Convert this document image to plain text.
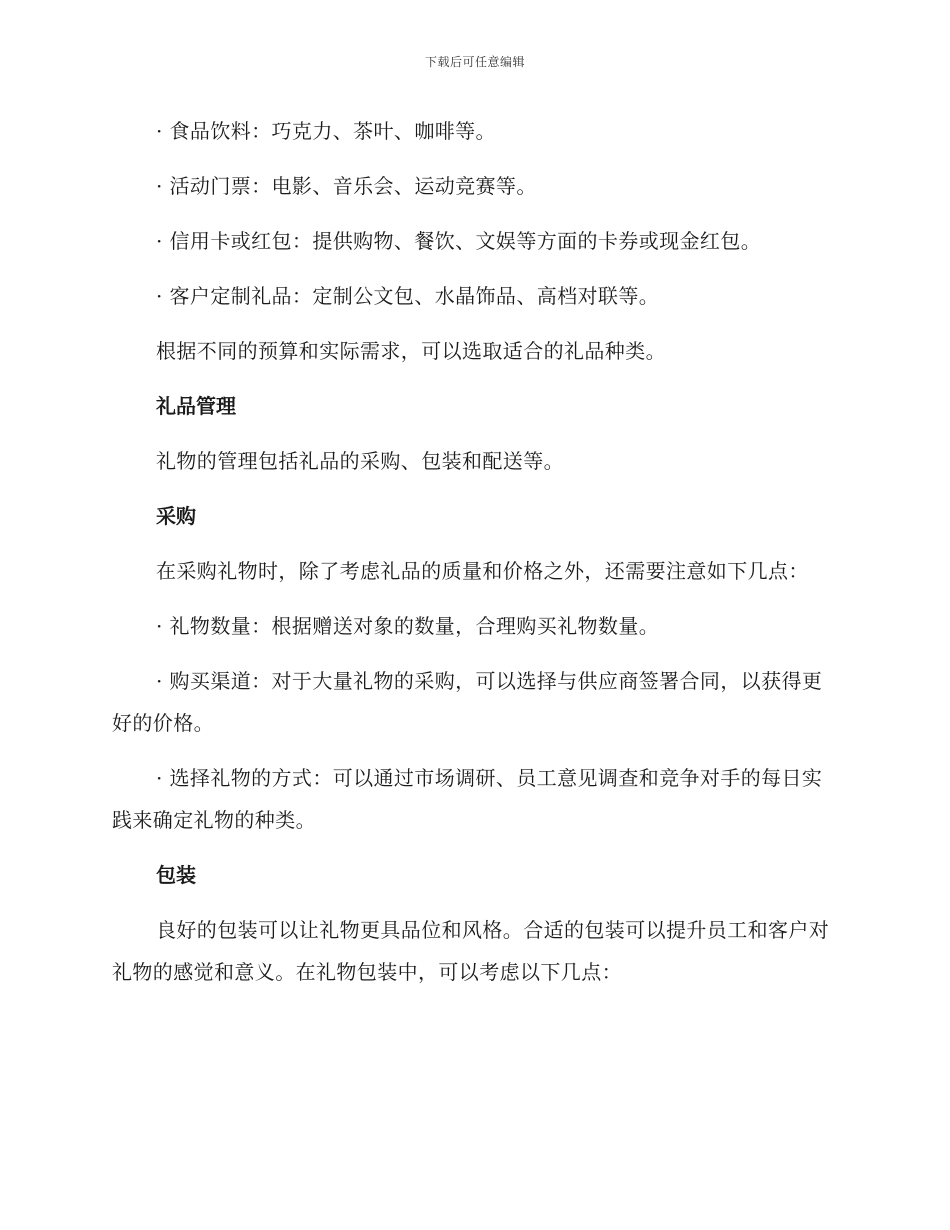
下载后可任意编辑

· 食品饮料：巧克力、茶叶、咖啡等。

· 活动门票：电影、音乐会、运动竞赛等。

· 信用卡或红包：提供购物、餐饮、文娱等方面的卡券或现金红包。

· 客户定制礼品：定制公文包、水晶饰品、高档对联等。

根据不同的预算和实际需求，可以选取适合的礼品种类。

礼品管理

礼物的管理包括礼品的采购、包装和配送等。

采购

在采购礼物时，除了考虑礼品的质量和价格之外，还需要注意如下几点：

· 礼物数量：根据赠送对象的数量，合理购买礼物数量。

· 购买渠道：对于大量礼物的采购，可以选择与供应商签署合同，以获得更好的价格。

· 选择礼物的方式：可以通过市场调研、员工意见调查和竞争对手的每日实践来确定礼物的种类。

包装

良好的包装可以让礼物更具品位和风格。合适的包装可以提升员工和客户对礼物的感觉和意义。在礼物包装中，可以考虑以下几点：
